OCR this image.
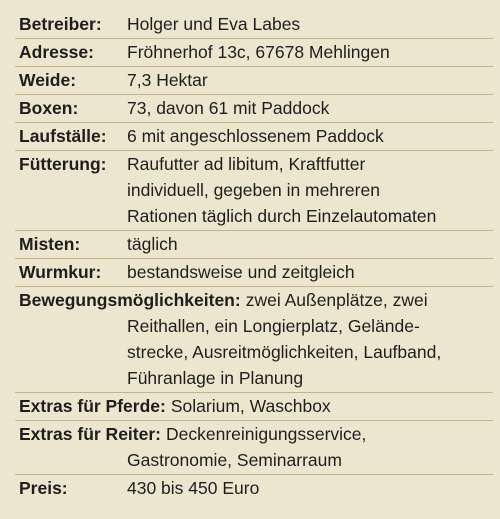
Betreiber: Holger und Eva Labes
Adresse: Fröhnerhof 13c, 67678 Mehlingen
Weide:	7,3 Hektar
Boxen:	73, davon 61 mit Paddock
Laufställe: 6 mit angeschlossenem Paddock
Fütterung: Raufutter ad libitum, Kraftfutter
individuell, gegeben in mehreren
Rationen täglich durch Einzelautomaten
Misten:	täglich
Wurmkur: bestandsweise und zeitgleich
Bewegungsmöglichkeiten: zwei Außenplätze, zwei
Reithallen, ein Longierplatz, Gelände-
strecke, Ausreitmöglichkeiten, Laufband,
Führanlage in Planung
Extras für Pferde: Solarium, Waschbox
Extras für Reiter: Deckenreinigungsservice,
Gastronomie, Seminarraum
Preis:	430 bis 450 Euro
